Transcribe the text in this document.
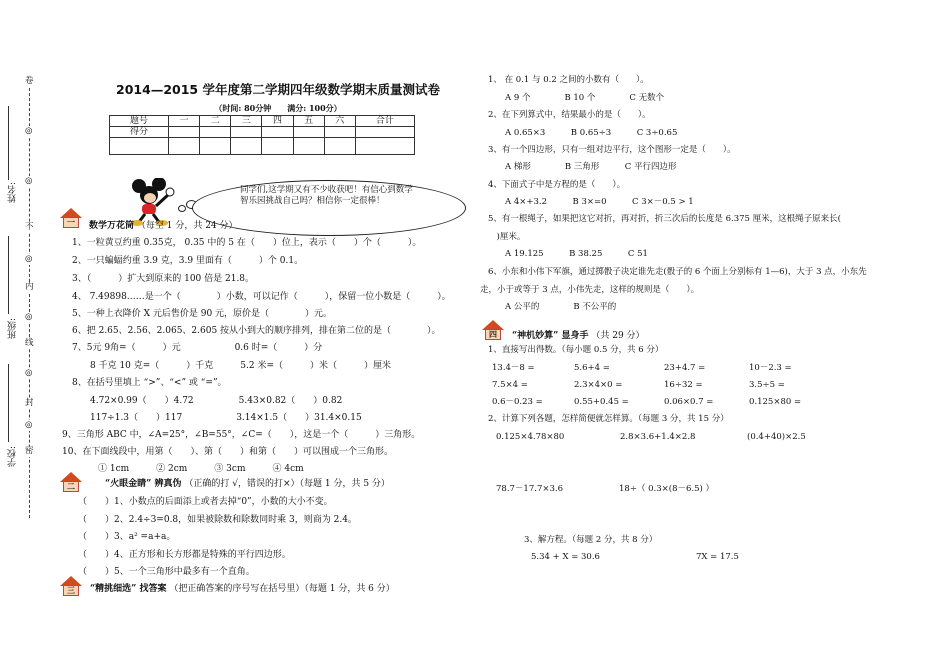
姓名:
班级:
学校:
卷
◎
◎
不
◎
内
◎
线
◎
封
◎
密
2014—2015 学年度第二学期四年级数学期末质量测试卷
（时间: 80分钟　　满分: 100分）
题号	一	二	三	四	五	六	合计
得分							

同学们,这学期又有不少收获吧！有信心到数学智乐园挑战自己吗？相信你一定很棒！
一	数学万花筒 （每空 1 分，共 24 分）
1、一粒黄豆约重 0.35克， 0.35 中的 5 在（　　）位上，表示（　　）个（　　　）。
2、一只蝙蝠约重 3.9 克，3.9 里面有（　　　）个 0.1。
3、（　　　）扩大到原来的 100 倍是 21.8。
4、 7.49898……是一个（　　　　）小数，可以记作（　　　），保留一位小数是（　　　）。
5、一种上衣降价 X 元后售价是 90 元，原价是（　　　　）元。
6、把 2.65、2.56、2.065、2.605 按从小到大的顺序排列，排在第二位的是（　　　　）。
7、5元 9角=（　　　）元　　　　　　0.6 时=（　　　）分
　　8 千克 10 克=（　　　）千克　　　5.2 米=（　　　）米（　　　）厘米
8、在括号里填上 “>”、“<” 或 “=”。
　　4.72×0.99（　　）4.72　　　　　5.43×0.82（　　）0.82
　　117÷1.3（　　）117　　　　　　3.14×1.5（　　）31.4×0.15
9、三角形 ABC 中，∠A=25°，∠B=55°，∠C=（　　），这是一个（　　　）三角形。
10、在下面线段中，用第（　　）、第（　　）和第（　　）可以围成一个三角形。
　　　　① 1cm　　　② 2cm　　　③ 3cm　　　④ 4cm
二	“火眼金睛” 辨真伪 （正确的打 √，错误的打×）（每题 1 分，共 5 分）
（　　）1、小数点的后面添上或者去掉“0”，小数的大小不变。
（　　）2、2.4÷3=0.8，如果被除数和除数同时乘 3，则商为 2.4。
（　　）3、a² =a+a。
（　　）4、正方形和长方形都是特殊的平行四边形。
（　　）5、一个三角形中最多有一个直角。
三	“精挑细选” 找答案 （把正确答案的序号写在括号里）（每题 1 分，共 6 分）
1、 在 0.1 与 0.2 之间的小数有（　　）。
　　A 9 个　　　　B 10 个　　　　C 无数个
2、在下列算式中，结果最小的是（　　）。
　　A 0.65×3　　　B 0.65÷3　　　C 3÷0.65
3、有一个四边形，只有一组对边平行，这个图形一定是（　　）。
　　A 梯形　　　　B 三角形　　　C 平行四边形
4、下面式子中是方程的是（　　）。
　　A 4×+3.2　　　B 3×=0　　　C 3×－0.5 > 1
5、有一根绳子，如果把这它对折，再对折，折三次后的长度是 6.375 厘米，这根绳子原来长(
　)厘米。
　　A 19.125　　　B 38.25　　　C 51
6、小东和小伟下军旗，通过掷骰子决定谁先走(骰子的 6 个面上分别标有 1—6)，大于 3 点，小东先
走，小于或等于 3 点，小伟先走，这样的规则是（　　）。
　　A 公平的　　　　B 不公平的
四	“神机妙算” 显身手 （共 29 分）
1、直接写出得数。（每小题 0.5 分，共 6 分）
13.4－8 =	5.6+4 =	23+4.7 =	10－2.3 =
7.5×4 =	2.3×4×0 =	16÷32 =	3.5÷5 =
0.6－0.23 =	0.55+0.45 =	0.06×0.7 =	0.125×80 =
2、计算下列各题，怎样简便就怎样算。（每题 3 分，共 15 分）
0.125×4.78×80	2.8×3.6+1.4×2.8	(0.4+40)×2.5
78.7－17.7×3.6	18÷（ 0.3×(8－6.5) ）
3、解方程。（每题 2 分，共 8 分）
5.34 + X = 30.6	7X = 17.5
